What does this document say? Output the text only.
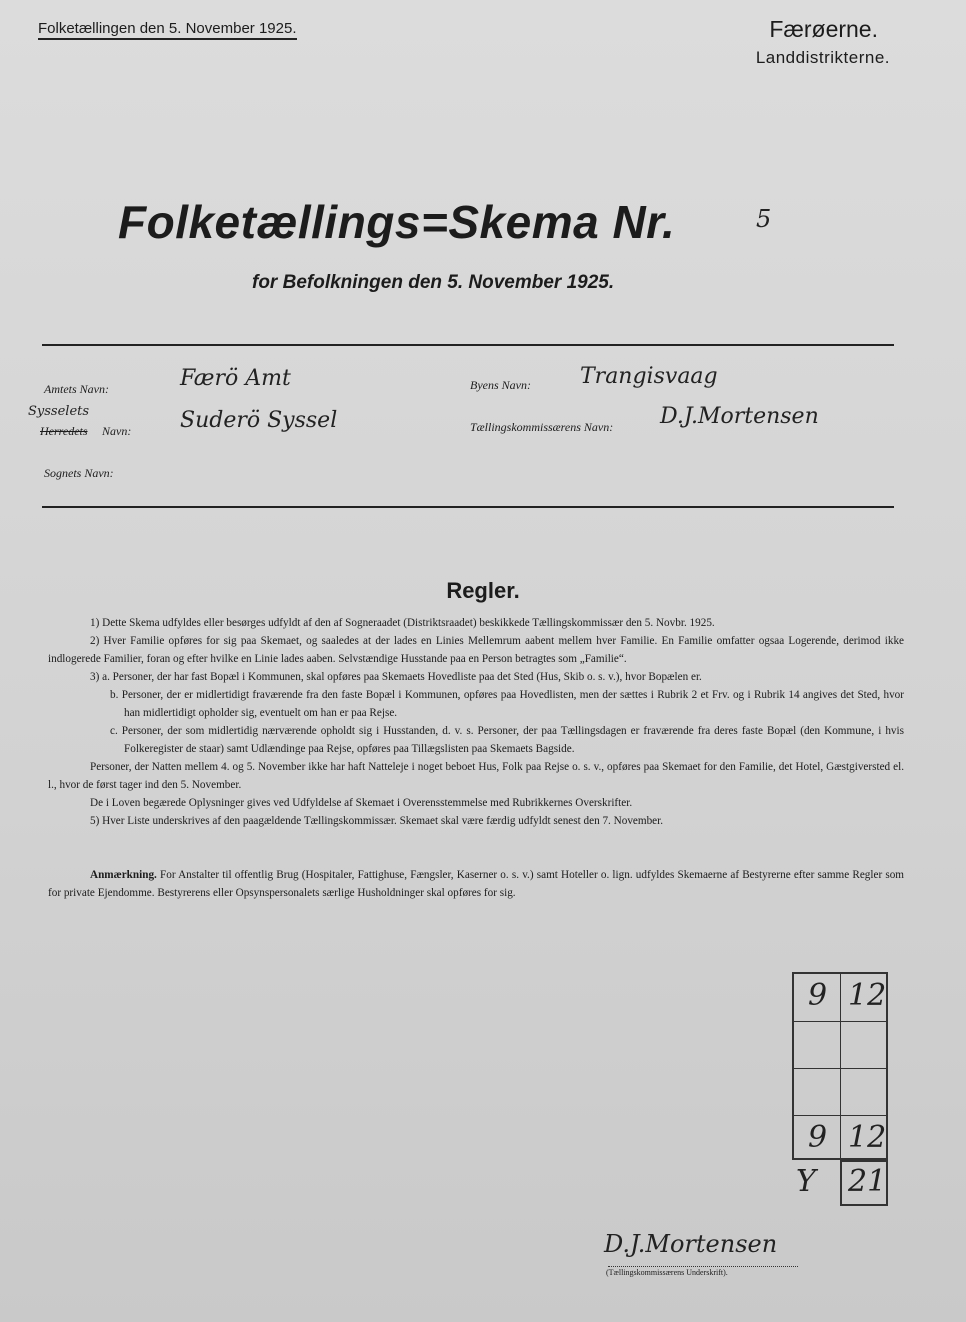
Folketællingen den 5. November 1925.	Færøerne.
Landdistrikterne.
Folketællings=Skema Nr.	5
for Befolkningen den 5. November 1925.
Amtets Navn:	Færö Amt	Byens Navn: Trangisvaag
Sysselets
Herredets Navn: Suderö Syssel	Tællingskommissærens Navn: D.J.Mortensen
Sognets Navn:
Regler.

1) Dette Skema udfyldes eller besørges udfyldt af den af Sogneraadet (Distriktsraadet) beskikkede Tællingskommissær den 5. Novbr. 1925.

2) Hver Familie opføres for sig paa Skemaet, og saaledes at der lades en Linies Mellemrum aabent mellem hver Familie. En Familie omfatter ogsaa Logerende, derimod ikke indlogerede Familier, foran og efter hvilke en Linie lades aaben. Selvstændige Husstande paa en Person betragtes som „Familie“.

3) a. Personer, der har fast Bopæl i Kommunen, skal opføres paa Skemaets Hovedliste paa det Sted (Hus, Skib o. s. v.), hvor Bopælen er.

b. Personer, der er midlertidigt fraværende fra den faste Bopæl i Kommunen, opføres paa Hovedlisten, men der sættes i Rubrik 2 et Frv. og i Rubrik 14 angives det Sted, hvor han midlertidigt opholder sig, eventuelt om han er paa Rejse.

c. Personer, der som midlertidig nærværende opholdt sig i Husstanden, d. v. s. Personer, der paa Tællingsdagen er fraværende fra deres faste Bopæl (den Kommune, i hvis Folkeregister de staar) samt Udlændinge paa Rejse, opføres paa Tillægslisten paa Skemaets Bagside.

Personer, der Natten mellem 4. og 5. November ikke har haft Natteleje i noget beboet Hus, Folk paa Rejse o. s. v., opføres paa Skemaet for den Familie, det Hotel, Gæstgiversted el. l., hvor de først tager ind den 5. November.

De i Loven begærede Oplysninger gives ved Udfyldelse af Skemaet i Overensstemmelse med Rubrikkernes Overskrifter.

5) Hver Liste underskrives af den paagældende Tællingskommissær. Skemaet skal være færdig udfyldt senest den 7. November.

Anmærkning. For Anstalter til offentlig Brug (Hospitaler, Fattighuse, Fængsler, Kaserner o. s. v.) samt Hoteller o. lign. udfyldes Skemaerne af Bestyrerne efter samme Regler som for private Ejendomme. Bestyrerens eller Opsynspersonalets særlige Husholdninger skal opføres for sig.
9 12
9 12
21
Y
D.J.Mortensen
(Tællingskommissærens Underskrift).
